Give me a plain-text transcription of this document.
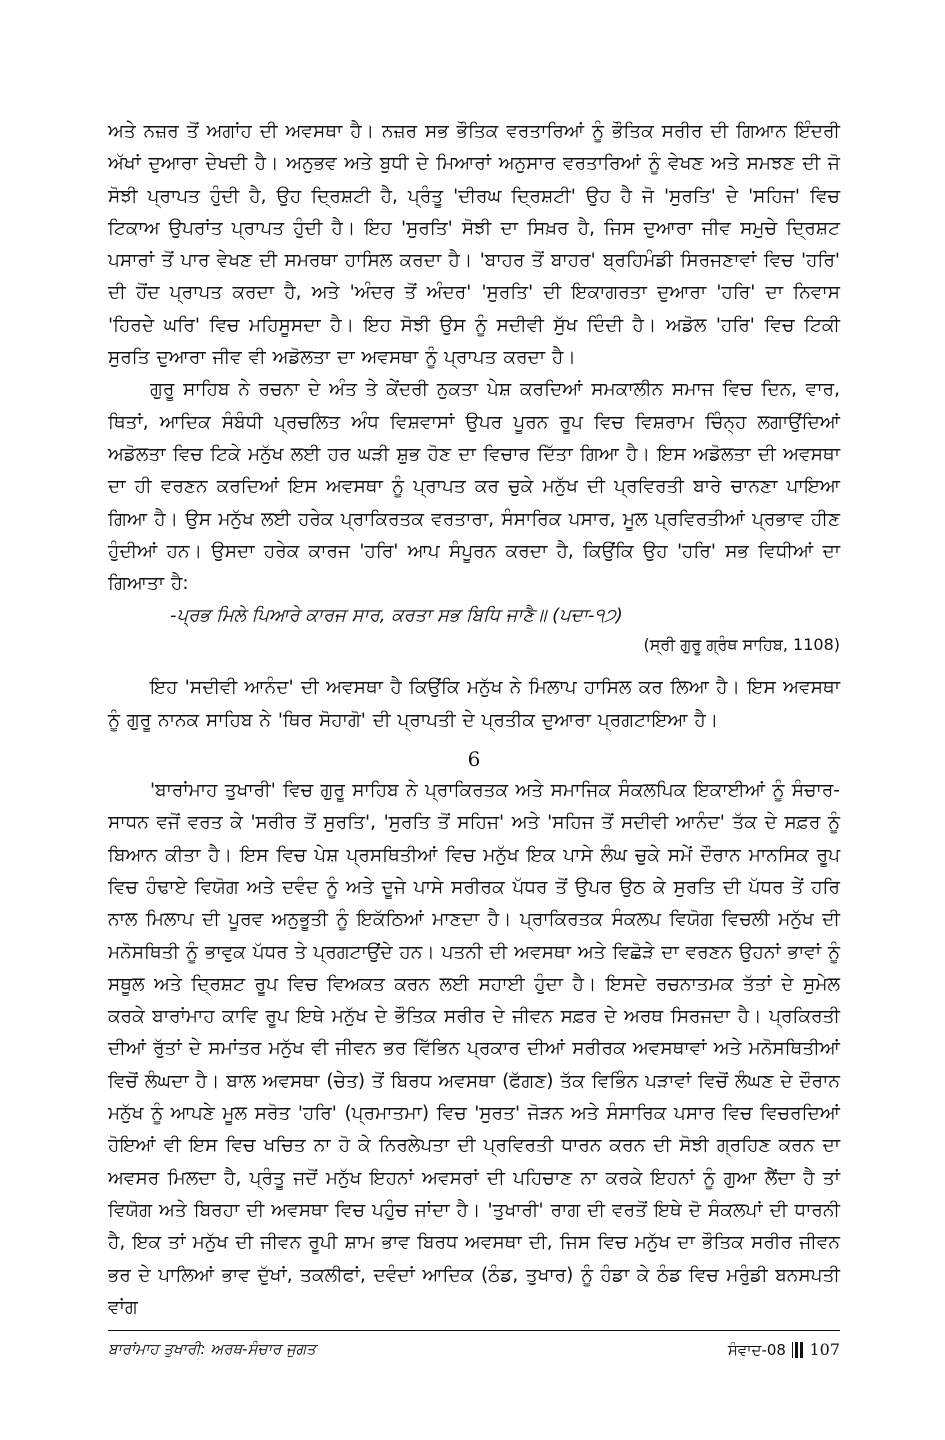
ਅਤੇ ਨਜ਼ਰ ਤੋਂ ਅਗਾਂਹ ਦੀ ਅਵਸਥਾ ਹੈ। ਨਜ਼ਰ ਸਭ ਭੌਤਿਕ ਵਰਤਾਰਿਆਂ ਨੂੰ ਭੌਤਿਕ ਸਰੀਰ ਦੀ ਗਿਆਨ ਇੰਦਰੀ ਅੱਖਾਂ ਦੁਆਰਾ ਦੇਖਦੀ ਹੈ। ਅਨੁਭਵ ਅਤੇ ਬੁਧੀ ਦੇ ਮਿਆਰਾਂ ਅਨੁਸਾਰ ਵਰਤਾਰਿਆਂ ਨੂੰ ਵੇਖਣ ਅਤੇ ਸਮਝਣ ਦੀ ਜੋ ਸੋਝੀ ਪ੍ਰਾਪਤ ਹੁੰਦੀ ਹੈ, ਉਹ ਦ੍ਰਿਸ਼ਟੀ ਹੈ, ਪ੍ਰੰਤੂ 'ਦੀਰਘ ਦ੍ਰਿਸ਼ਟੀ' ਉਹ ਹੈ ਜੋ 'ਸੁਰਤਿ' ਦੇ 'ਸਹਿਜ' ਵਿਚ ਟਿਕਾਅ ਉਪਰਾਂਤ ਪ੍ਰਾਪਤ ਹੁੰਦੀ ਹੈ। ਇਹ 'ਸੁਰਤਿ' ਸੋਝੀ ਦਾ ਸਿਖ਼ਰ ਹੈ, ਜਿਸ ਦੁਆਰਾ ਜੀਵ ਸਮੁਚੇ ਦ੍ਰਿਸ਼ਟ ਪਸਾਰਾਂ ਤੋਂ ਪਾਰ ਵੇਖਣ ਦੀ ਸਮਰਥਾ ਹਾਸਿਲ ਕਰਦਾ ਹੈ। 'ਬਾਹਰ ਤੋਂ ਬਾਹਰ' ਬ੍ਰਹਿਮੰਡੀ ਸਿਰਜਣਾਵਾਂ ਵਿਚ 'ਹਰਿ' ਦੀ ਹੋਂਦ ਪ੍ਰਾਪਤ ਕਰਦਾ ਹੈ, ਅਤੇ 'ਅੰਦਰ ਤੋਂ ਅੰਦਰ' 'ਸੁਰਤਿ' ਦੀ ਇਕਾਗਰਤਾ ਦੁਆਰਾ 'ਹਰਿ' ਦਾ ਨਿਵਾਸ 'ਹਿਰਦੇ ਘਰਿ' ਵਿਚ ਮਹਿਸੂਸਦਾ ਹੈ। ਇਹ ਸੋਝੀ ਉਸ ਨੂੰ ਸਦੀਵੀ ਸੁੱਖ ਦਿੰਦੀ ਹੈ। ਅਡੋਲ 'ਹਰਿ' ਵਿਚ ਟਿਕੀ ਸੁਰਤਿ ਦੁਆਰਾ ਜੀਵ ਵੀ ਅਡੋਲਤਾ ਦਾ ਅਵਸਥਾ ਨੂੰ ਪ੍ਰਾਪਤ ਕਰਦਾ ਹੈ।

ਗੁਰੂ ਸਾਹਿਬ ਨੇ ਰਚਨਾ ਦੇ ਅੰਤ ਤੇ ਕੇਂਦਰੀ ਨੁਕਤਾ ਪੇਸ਼ ਕਰਦਿਆਂ ਸਮਕਾਲੀਨ ਸਮਾਜ ਵਿਚ ਦਿਨ, ਵਾਰ, ਥਿਤਾਂ, ਆਦਿਕ ਸੰਬੰਧੀ ਪ੍ਰਚਲਿਤ ਅੰਧ ਵਿਸ਼ਵਾਸਾਂ ਉਪਰ ਪੂਰਨ ਰੂਪ ਵਿਚ ਵਿਸ਼ਰਾਮ ਚਿੰਨ੍ਹ ਲਗਾਉਂਦਿਆਂ ਅਡੋਲਤਾ ਵਿਚ ਟਿਕੇ ਮਨੁੱਖ ਲਈ ਹਰ ਘੜੀ ਸ਼ੁਭ ਹੋਣ ਦਾ ਵਿਚਾਰ ਦਿੱਤਾ ਗਿਆ ਹੈ। ਇਸ ਅਡੋਲਤਾ ਦੀ ਅਵਸਥਾ ਦਾ ਹੀ ਵਰਣਨ ਕਰਦਿਆਂ ਇਸ ਅਵਸਥਾ ਨੂੰ ਪ੍ਰਾਪਤ ਕਰ ਚੁਕੇ ਮਨੁੱਖ ਦੀ ਪ੍ਰਵਿਰਤੀ ਬਾਰੇ ਚਾਨਣਾ ਪਾਇਆ ਗਿਆ ਹੈ। ਉਸ ਮਨੁੱਖ ਲਈ ਹਰੇਕ ਪ੍ਰਾਕਿਰਤਕ ਵਰਤਾਰਾ, ਸੰਸਾਰਿਕ ਪਸਾਰ, ਮੂਲ ਪ੍ਰਵਿਰਤੀਆਂ ਪ੍ਰਭਾਵ ਹੀਣ ਹੁੰਦੀਆਂ ਹਨ। ਉਸਦਾ ਹਰੇਕ ਕਾਰਜ 'ਹਰਿ' ਆਪ ਸੰਪੂਰਨ ਕਰਦਾ ਹੈ, ਕਿਉਂਕਿ ਉਹ 'ਹਰਿ' ਸਭ ਵਿਧੀਆਂ ਦਾ ਗਿਆਤਾ ਹੈ:

-ਪ੍ਰਭ ਮਿਲੇ ਪਿਆਰੇ ਕਾਰਜ ਸਾਰ, ਕਰਤਾ ਸਭ ਬਿਧਿ ਜਾਣੈ॥ (ਪਦਾ-੧੭)

(ਸ੍ਰੀ ਗੁਰੂ ਗ੍ਰੰਥ ਸਾਹਿਬ, 1108)

ਇਹ 'ਸਦੀਵੀ ਆਨੰਦ' ਦੀ ਅਵਸਥਾ ਹੈ ਕਿਉਂਕਿ ਮਨੁੱਖ ਨੇ ਮਿਲਾਪ ਹਾਸਿਲ ਕਰ ਲਿਆ ਹੈ। ਇਸ ਅਵਸਥਾ ਨੂੰ ਗੁਰੂ ਨਾਨਕ ਸਾਹਿਬ ਨੇ 'ਥਿਰ ਸੋਹਾਗੋ' ਦੀ ਪ੍ਰਾਪਤੀ ਦੇ ਪ੍ਰਤੀਕ ਦੁਆਰਾ ਪ੍ਰਗਟਾਇਆ ਹੈ।

6

'ਬਾਰਾਂਮਾਹ ਤੁਖਾਰੀ' ਵਿਚ ਗੁਰੂ ਸਾਹਿਬ ਨੇ ਪ੍ਰਾਕਿਰਤਕ ਅਤੇ ਸਮਾਜਿਕ ਸੰਕਲਪਿਕ ਇਕਾਈਆਂ ਨੂੰ ਸੰਚਾਰ-ਸਾਧਨ ਵਜੋਂ ਵਰਤ ਕੇ 'ਸਰੀਰ ਤੋਂ ਸੁਰਤਿ', 'ਸੁਰਤਿ ਤੋਂ ਸਹਿਜ' ਅਤੇ 'ਸਹਿਜ ਤੋਂ ਸਦੀਵੀ ਆਨੰਦ' ਤੱਕ ਦੇ ਸਫ਼ਰ ਨੂੰ ਬਿਆਨ ਕੀਤਾ ਹੈ। ਇਸ ਵਿਚ ਪੇਸ਼ ਪ੍ਰਸਥਿਤੀਆਂ ਵਿਚ ਮਨੁੱਖ ਇਕ ਪਾਸੇ ਲੰਘ ਚੁਕੇ ਸਮੇਂ ਦੌਰਾਨ ਮਾਨਸਿਕ ਰੂਪ ਵਿਚ ਹੰਢਾਏ ਵਿਯੋਗ ਅਤੇ ਦਵੰਦ ਨੂੰ ਅਤੇ ਦੂਜੇ ਪਾਸੇ ਸਰੀਰਕ ਪੱਧਰ ਤੋਂ ਉਪਰ ਉਠ ਕੇ ਸੁਰਤਿ ਦੀ ਪੱਧਰ ਤੇਂ ਹਰਿ ਨਾਲ ਮਿਲਾਪ ਦੀ ਪੂਰਵ ਅਨੁਭੂਤੀ ਨੂੰ ਇਕੱਠਿਆਂ ਮਾਣਦਾ ਹੈ। ਪ੍ਰਾਕਿਰਤਕ ਸੰਕਲਪ ਵਿਯੋਗ ਵਿਚਲੀ ਮਨੁੱਖ ਦੀ ਮਨੋਸਥਿਤੀ ਨੂੰ ਭਾਵੁਕ ਪੱਧਰ ਤੇ ਪ੍ਰਗਟਾਉਂਦੇ ਹਨ। ਪਤਨੀ ਦੀ ਅਵਸਥਾ ਅਤੇ ਵਿਛੋੜੇ ਦਾ ਵਰਣਨ ਉਹਨਾਂ ਭਾਵਾਂ ਨੂੰ ਸਥੂਲ ਅਤੇ ਦ੍ਰਿਸ਼ਟ ਰੂਪ ਵਿਚ ਵਿਅਕਤ ਕਰਨ ਲਈ ਸਹਾਈ ਹੁੰਦਾ ਹੈ। ਇਸਦੇ ਰਚਨਾਤਮਕ ਤੱਤਾਂ ਦੇ ਸੁਮੇਲ ਕਰਕੇ ਬਾਰਾਂਮਾਹ ਕਾਵਿ ਰੂਪ ਇਥੇ ਮਨੁੱਖ ਦੇ ਭੌਤਿਕ ਸਰੀਰ ਦੇ ਜੀਵਨ ਸਫ਼ਰ ਦੇ ਅਰਥ ਸਿਰਜਦਾ ਹੈ। ਪ੍ਰਕਿਰਤੀ ਦੀਆਂ ਰੁੱਤਾਂ ਦੇ ਸਮਾਂਤਰ ਮਨੁੱਖ ਵੀ ਜੀਵਨ ਭਰ ਵਿੱਭਿਨ ਪ੍ਰਕਾਰ ਦੀਆਂ ਸਰੀਰਕ ਅਵਸਥਾਵਾਂ ਅਤੇ ਮਨੋਸਥਿਤੀਆਂ ਵਿਚੋਂ ਲੰਘਦਾ ਹੈ। ਬਾਲ ਅਵਸਥਾ (ਚੇਤ) ਤੋਂ ਬਿਰਧ ਅਵਸਥਾ (ਫੱਗਣ) ਤੱਕ ਵਿਭਿੰਨ ਪੜਾਵਾਂ ਵਿਚੋਂ ਲੰਘਣ ਦੇ ਦੌਰਾਨ ਮਨੁੱਖ ਨੂੰ ਆਪਣੇ ਮੂਲ ਸਰੋਤ 'ਹਰਿ' (ਪ੍ਰਮਾਤਮਾ) ਵਿਚ 'ਸੁਰਤ' ਜੋੜਨ ਅਤੇ ਸੰਸਾਰਿਕ ਪਸਾਰ ਵਿਚ ਵਿਚਰਦਿਆਂ ਹੋਇਆਂ ਵੀ ਇਸ ਵਿਚ ਖਚਿਤ ਨਾ ਹੋ ਕੇ ਨਿਰਲੇਪਤਾ ਦੀ ਪ੍ਰਵਿਰਤੀ ਧਾਰਨ ਕਰਨ ਦੀ ਸੋਝੀ ਗ੍ਰਹਿਣ ਕਰਨ ਦਾ ਅਵਸਰ ਮਿਲਦਾ ਹੈ, ਪ੍ਰੰਤੂ ਜਦੋਂ ਮਨੁੱਖ ਇਹਨਾਂ ਅਵਸਰਾਂ ਦੀ ਪਹਿਚਾਣ ਨਾ ਕਰਕੇ ਇਹਨਾਂ ਨੂੰ ਗੁਆ ਲੈਂਦਾ ਹੈ ਤਾਂ ਵਿਯੋਗ ਅਤੇ ਬਿਰਹਾ ਦੀ ਅਵਸਥਾ ਵਿਚ ਪਹੁੰਚ ਜਾਂਦਾ ਹੈ। 'ਤੁਖਾਰੀ' ਰਾਗ ਦੀ ਵਰਤੋਂ ਇਥੇ ਦੋ ਸੰਕਲਪਾਂ ਦੀ ਧਾਰਨੀ ਹੈ, ਇਕ ਤਾਂ ਮਨੁੱਖ ਦੀ ਜੀਵਨ ਰੂਪੀ ਸ਼ਾਮ ਭਾਵ ਬਿਰਧ ਅਵਸਥਾ ਦੀ, ਜਿਸ ਵਿਚ ਮਨੁੱਖ ਦਾ ਭੌਤਿਕ ਸਰੀਰ ਜੀਵਨ ਭਰ ਦੇ ਪਾਲਿਆਂ ਭਾਵ ਦੁੱਖਾਂ, ਤਕਲੀਫਾਂ, ਦਵੰਦਾਂ ਆਦਿਕ (ਠੰਡ, ਤੁਖਾਰ) ਨੂੰ ਹੰਡਾ ਕੇ ਠੰਡ ਵਿਚ ਮਰੁੰਡੀ ਬਨਸਪਤੀ ਵਾਂਗ

ਬਾਰਾਂਮਾਹ ਤੁਖਾਰੀ: ਅਰਥ-ਸੰਚਾਰ ਜੁਗਤ	ਸੰਵਾਦ-08 107
